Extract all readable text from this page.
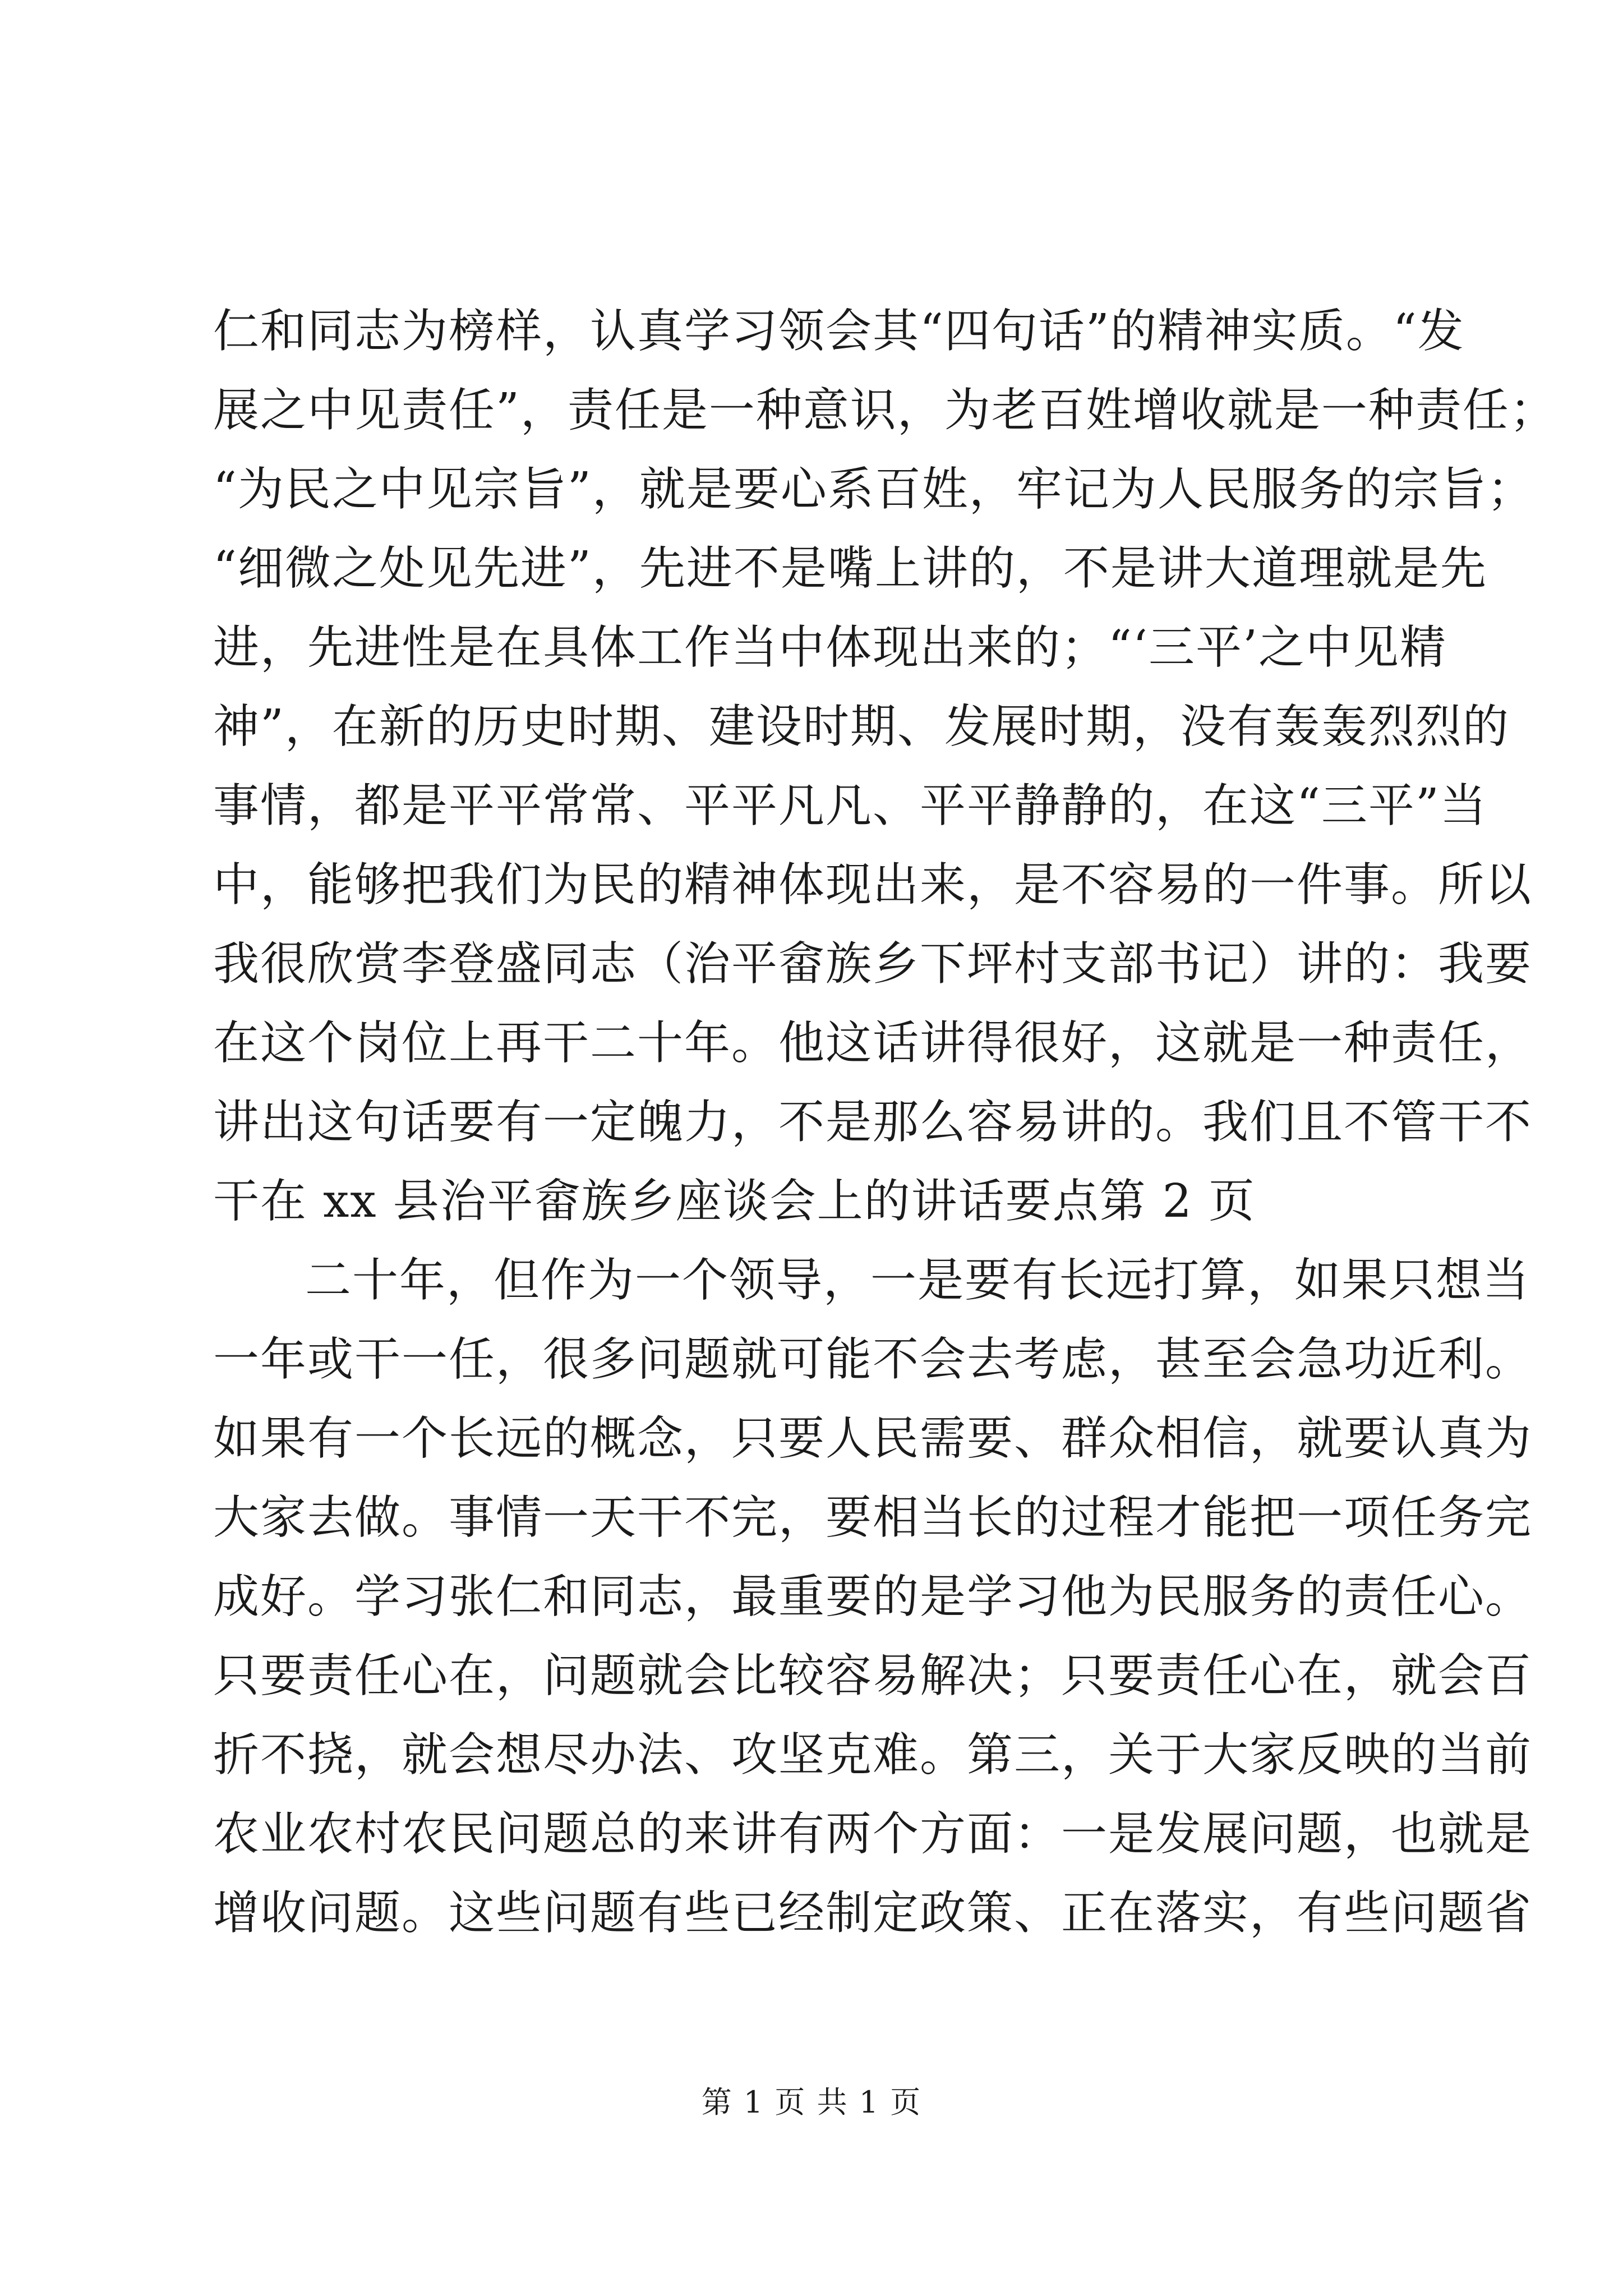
仁和同志为榜样，认真学习领会其“四句话”的精神实质。“发
展之中见责任”，责任是一种意识，为老百姓增收就是一种责任；
“为民之中见宗旨”，就是要心系百姓，牢记为人民服务的宗旨；
“细微之处见先进”，先进不是嘴上讲的，不是讲大道理就是先
进，先进性是在具体工作当中体现出来的；“‘三平’之中见精
神”，在新的历史时期、建设时期、发展时期，没有轰轰烈烈的
事情，都是平平常常、平平凡凡、平平静静的，在这“三平”当
中，能够把我们为民的精神体现出来，是不容易的一件事。所以
我很欣赏李登盛同志（治平畲族乡下坪村支部书记）讲的：我要
在这个岗位上再干二十年。他这话讲得很好，这就是一种责任，
讲出这句话要有一定魄力，不是那么容易讲的。我们且不管干不
干在 xx 县治平畲族乡座谈会上的讲话要点第 2 页
二十年，但作为一个领导，一是要有长远打算，如果只想当
一年或干一任，很多问题就可能不会去考虑，甚至会急功近利。
如果有一个长远的概念，只要人民需要、群众相信，就要认真为
大家去做。事情一天干不完，要相当长的过程才能把一项任务完
成好。学习张仁和同志，最重要的是学习他为民服务的责任心。
只要责任心在，问题就会比较容易解决；只要责任心在，就会百
折不挠，就会想尽办法、攻坚克难。第三，关于大家反映的当前
农业农村农民问题总的来讲有两个方面：一是发展问题，也就是
增收问题。这些问题有些已经制定政策、正在落实，有些问题省
第 1 页 共 1 页
